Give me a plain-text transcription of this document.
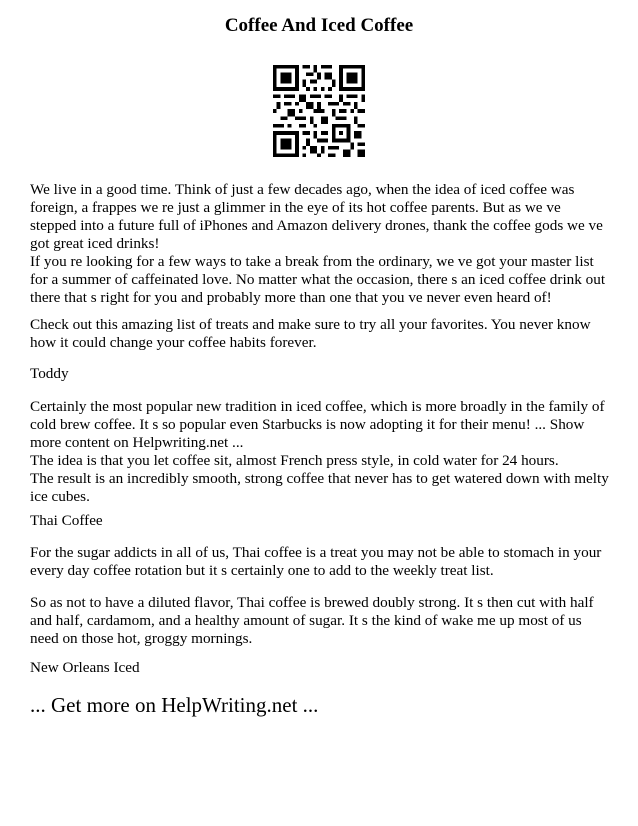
Coffee And Iced Coffee

We live in a good time. Think of just a few decades ago, when the idea of iced coffee was foreign, a frappes we re just a glimmer in the eye of its hot coffee parents. But as we ve stepped into a future full of iPhones and Amazon delivery drones, thank the coffee gods we ve got great iced drinks!

If you re looking for a few ways to take a break from the ordinary, we ve got your master list for a summer of caffeinated love. No matter what the occasion, there s an iced coffee drink out there that s right for you and probably more than one that you ve never even heard of!

Check out this amazing list of treats and make sure to try all your favorites. You never know how it could change your coffee habits forever.

Toddy

Certainly the most popular new tradition in iced coffee, which is more broadly in the family of cold brew coffee. It s so popular even Starbucks is now adopting it for their menu! ... Show more content on Helpwriting.net ...

The idea is that you let coffee sit, almost French press style, in cold water for 24 hours.

The result is an incredibly smooth, strong coffee that never has to get watered down with melty ice cubes.

Thai Coffee

For the sugar addicts in all of us, Thai coffee is a treat you may not be able to stomach in your every day coffee rotation but it s certainly one to add to the weekly treat list.

So as not to have a diluted flavor, Thai coffee is brewed doubly strong. It s then cut with half and half, cardamom, and a healthy amount of sugar. It s the kind of wake me up most of us need on those hot, groggy mornings.

New Orleans Iced
... Get more on HelpWriting.net ...
